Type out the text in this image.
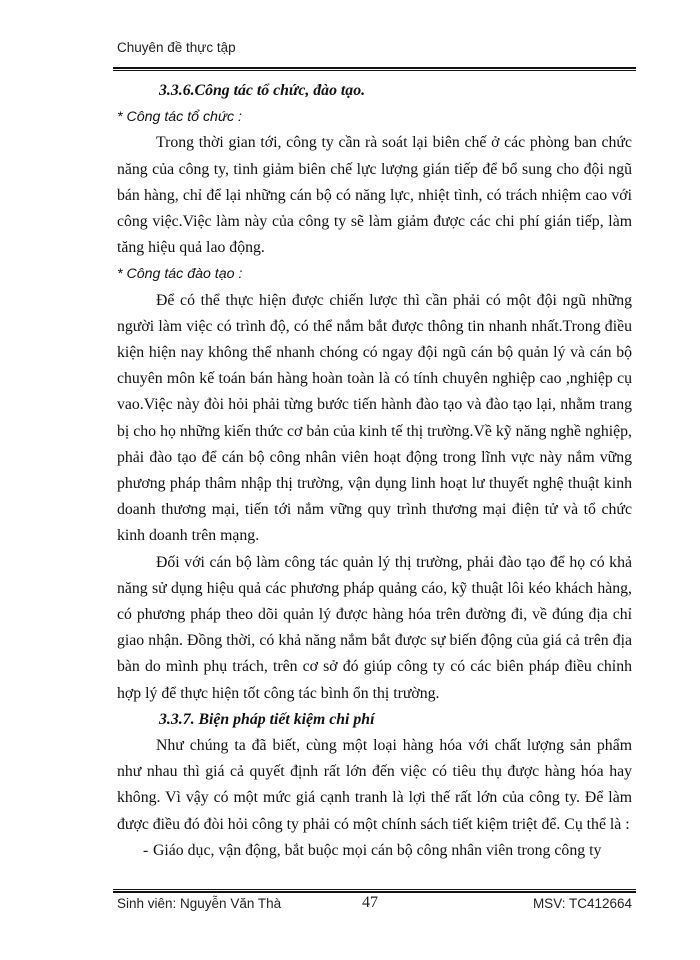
Chuyên đề thực tập

3.3.6.Công tác tổ chức, đào tạo.

* Công tác tổ chức :

Trong thời gian tới, công ty cần rà soát lại biên chế ở các phòng ban chức năng của công ty, tinh giảm biên chế lực lượng gián tiếp để bổ sung cho đội ngũ bán hàng, chỉ để lại những cán bộ có năng lực, nhiệt tình, có trách nhiệm cao với công việc.Việc làm này của công ty sẽ làm giảm được các chi phí gián tiếp, làm tăng hiệu quả lao động.

* Công tác đào tạo :

Để có thể thực hiện được chiến lược thì cần phải có một đội ngũ những người làm việc có trình độ, có thể nắm bắt được thông tin nhanh nhất.Trong điều kiện hiện nay không thể nhanh chóng có ngay đội ngũ cán bộ quản lý và cán bộ chuyên môn kế toán bán hàng hoàn toàn là có tính chuyên nghiệp cao ,nghiệp cụ vao.Việc này đòi hỏi phải từng bước tiến hành đào tạo và đào tạo lại, nhằm trang bị cho họ những kiến thức cơ bản của kinh tế thị trường.Về kỹ năng nghề nghiệp, phải đào tạo để cán bộ công nhân viên hoạt động trong lĩnh vực này nắm vững phương pháp thâm nhập thị trường, vận dụng linh hoạt lư thuyết nghệ thuật kinh doanh thương mại, tiến tới nắm vững quy trình thương mại điện tử và tổ chức kinh doanh trên mạng.

Đối với cán bộ làm công tác quản lý thị trường, phải đào tạo để họ có khả năng sử dụng hiệu quả các phương pháp quảng cáo, kỹ thuật lôi kéo khách hàng, có phương pháp theo dõi quản lý được hàng hóa trên đường đi, về đúng địa chỉ giao nhận. Đồng thời, có khả năng nắm bắt được sự biến động của giá cả trên địa bàn do mình phụ trách, trên cơ sở đó giúp công ty có các biên pháp điều chỉnh hợp lý để thực hiện tốt công tác bình ổn thị trường.

3.3.7. Biện pháp tiết kiệm chi phí

Như chúng ta đã biết, cùng một loại hàng hóa với chất lượng sản phẩm như nhau thì giá cả quyết định rất lớn đến việc có tiêu thụ được hàng hóa hay không. Vì vậy có một mức giá cạnh tranh là lợi thế rất lớn của công ty. Để làm được điều đó đòi hỏi công ty phải có một chính sách tiết kiệm triệt để. Cụ thể là :

- Giáo dục, vận động, bắt buộc mọi cán bộ công nhân viên trong công ty
Sinh viên: Nguyễn Văn Thà	47	MSV: TC412664
